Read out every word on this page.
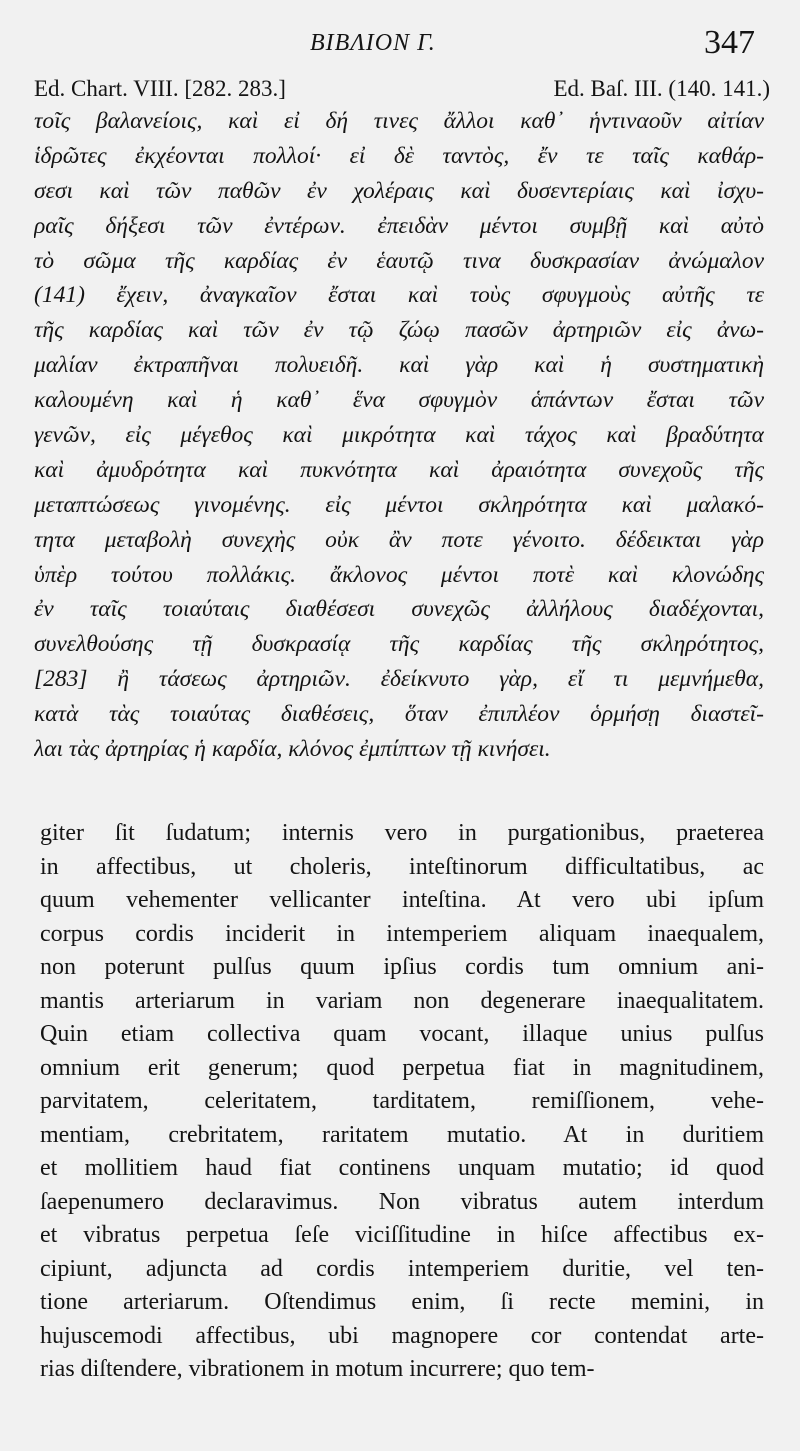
BIBΛΙΟΝ Γ.	347
Ed. Chart. VIII. [282. 283.]	Ed. Baſ. III. (140. 141.)
τοῖς βαλανείοις, καὶ εἰ δή τινες ἄλλοι καθ᾽ ἡντιναοῦν αἰτίαν
ἱδρῶτες ἐκχέονται πολλοί· εἰ δὲ ταντὸς, ἔν τε ταῖς καθάρ-
σεσι καὶ τῶν παθῶν ἐν χολέραις καὶ δυσεντερίαις καὶ ἰσχυ-
ραῖς δήξεσι τῶν ἐντέρων. ἐπειδὰν μέντοι συμβῇ καὶ αὐτὸ
τὸ σῶμα τῆς καρδίας ἐν ἑαυτῷ τινα δυσκρασίαν ἀνώμαλον
(141) ἔχειν, ἀναγκαῖον ἔσται καὶ τοὺς σφυγμοὺς αὐτῆς τε
τῆς καρδίας καὶ τῶν ἐν τῷ ζώῳ πασῶν ἀρτηριῶν εἰς ἀνω-
μαλίαν ἐκτραπῆναι πολυειδῆ. καὶ γὰρ καὶ ἡ συστηματικὴ
καλουμένη καὶ ἡ καθ᾽ ἕνα σφυγμὸν ἁπάντων ἔσται τῶν
γενῶν, εἰς μέγεθος καὶ μικρότητα καὶ τάχος καὶ βραδύτητα
καὶ ἀμυδρότητα καὶ πυκνότητα καὶ ἀραιότητα συνεχοῦς τῆς
μεταπτώσεως γινομένης. εἰς μέντοι σκληρότητα καὶ μαλακό-
τητα μεταβολὴ συνεχὴς οὐκ ἂν ποτε γένοιτο. δέδεικται γὰρ
ὑπὲρ τούτου πολλάκις. ἄκλονος μέντοι ποτὲ καὶ κλονώδης
ἐν ταῖς τοιαύταις διαθέσεσι συνεχῶς ἀλλήλους διαδέχονται,
συνελθούσης τῇ δυσκρασίᾳ τῆς καρδίας τῆς σκληρότητος,
[283] ἢ τάσεως ἀρτηριῶν. ἐδείκνυτο γὰρ, εἴ τι μεμνήμεθα,
κατὰ τὰς τοιαύτας διαθέσεις, ὅταν ἐπιπλέον ὁρμήσῃ διαστεῖ-
λαι τὰς ἀρτηρίας ἡ καρδία, κλόνος ἐμπίπτων τῇ κινήσει.
giter ſit ſudatum; internis vero in purgationibus, praeterea
in affectibus, ut choleris, inteſtinorum difficultatibus, ac
quum vehementer vellicanter inteſtina. At vero ubi ipſum
corpus cordis inciderit in intemperiem aliquam inaequalem,
non poterunt pulſus quum ipſius cordis tum omnium ani-
mantis arteriarum in variam non degenerare inaequalitatem.
Quin etiam collectiva quam vocant, illaque unius pulſus
omnium erit generum; quod perpetua fiat in magnitudinem,
parvitatem, celeritatem, tarditatem, remiſſionem, vehe-
mentiam, crebritatem, raritatem mutatio. At in duritiem
et mollitiem haud fiat continens unquam mutatio; id quod
ſaepenumero declaravimus. Non vibratus autem interdum
et vibratus perpetua ſeſe viciſſitudine in hiſce affectibus ex-
cipiunt, adjuncta ad cordis intemperiem duritie, vel ten-
tione arteriarum. Oſtendimus enim, ſi recte memini, in
hujuscemodi affectibus, ubi magnopere cor contendat arte-
rias diſtendere, vibrationem in motum incurrere; quo tem-
